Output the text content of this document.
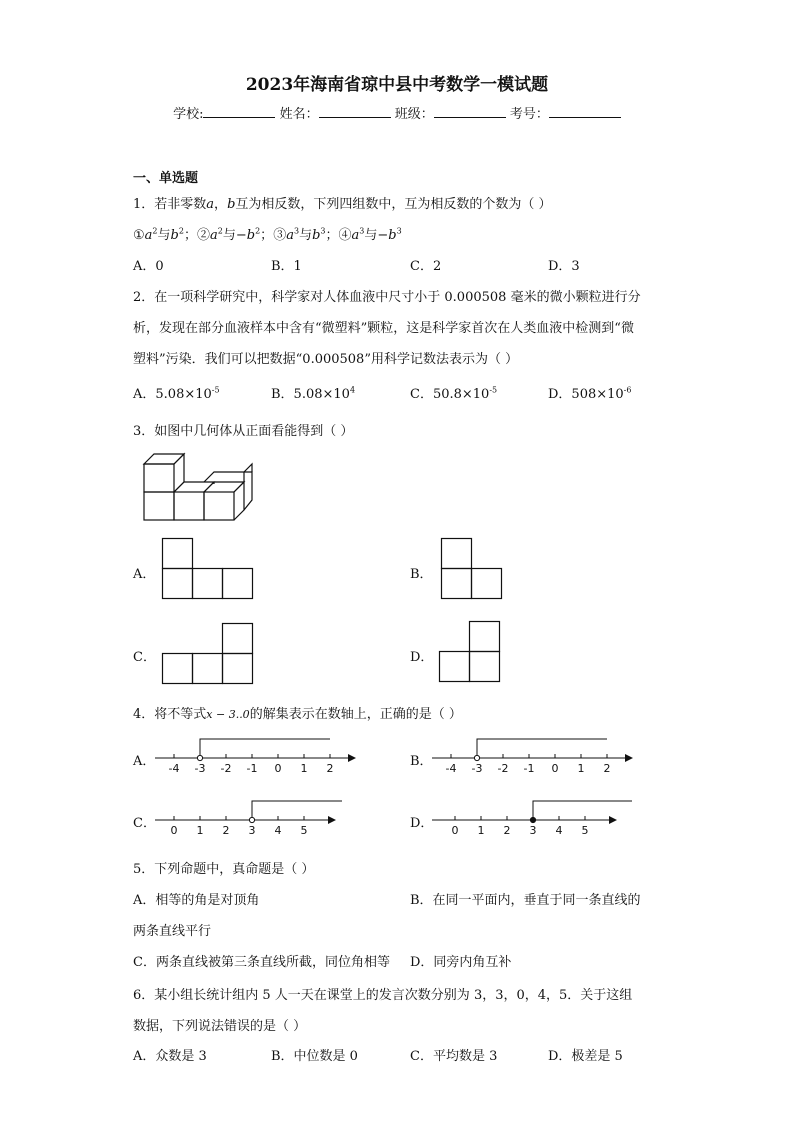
2023年海南省琼中县中考数学一模试题
学校:	姓名：	班级：	考号：
一、单选题
1．若非零数a，b互为相反数，下列四组数中，互为相反数的个数为（ ）
$①a^2$与$b^2$；$②a^2$与$-b^2$；$③a^3$与$b^3$；$④a^3$与$-b^3$
A．0	B．1	C．2	D．3
2．在一项科学研究中，科学家对人体血液中尺寸小于 0.000508 毫米的微小颗粒进行分
析，发现在部分血液样本中含有“微塑料”颗粒，这是科学家首次在人类血液中检测到“微
塑料”污染．我们可以把数据“0.000508”用科学记数法表示为（ ）
A．$5.08\times 10^{-5}$	B．$5.08\times 10^4$	C．$50.8\times 10^{-5}$	D．$508\times 10^{-6}$
3．如图中几何体从正面看能得到（ ）
A．	B．
C．	D．
4．将不等式x − 3..0的解集表示在数轴上，正确的是（ ）
A． -4 -3 -2 -1 0 1 2	B． -4 -3 -2 -1 0 1 2
C． 0 1 2 3 4 5	D． 0 1 2 3 4 5
5．下列命题中，真命题是（ ）
A．相等的角是对顶角	B．在同一平面内，垂直于同一条直线的
两条直线平行
C．两条直线被第三条直线所截，同位角相等 D．同旁内角互补
6．某小组长统计组内 5 人一天在课堂上的发言次数分别为 3，3，0，4，5．关于这组
数据，下列说法错误的是（ ）
A．众数是 3	B．中位数是 0	C．平均数是 3	D．极差是 5
